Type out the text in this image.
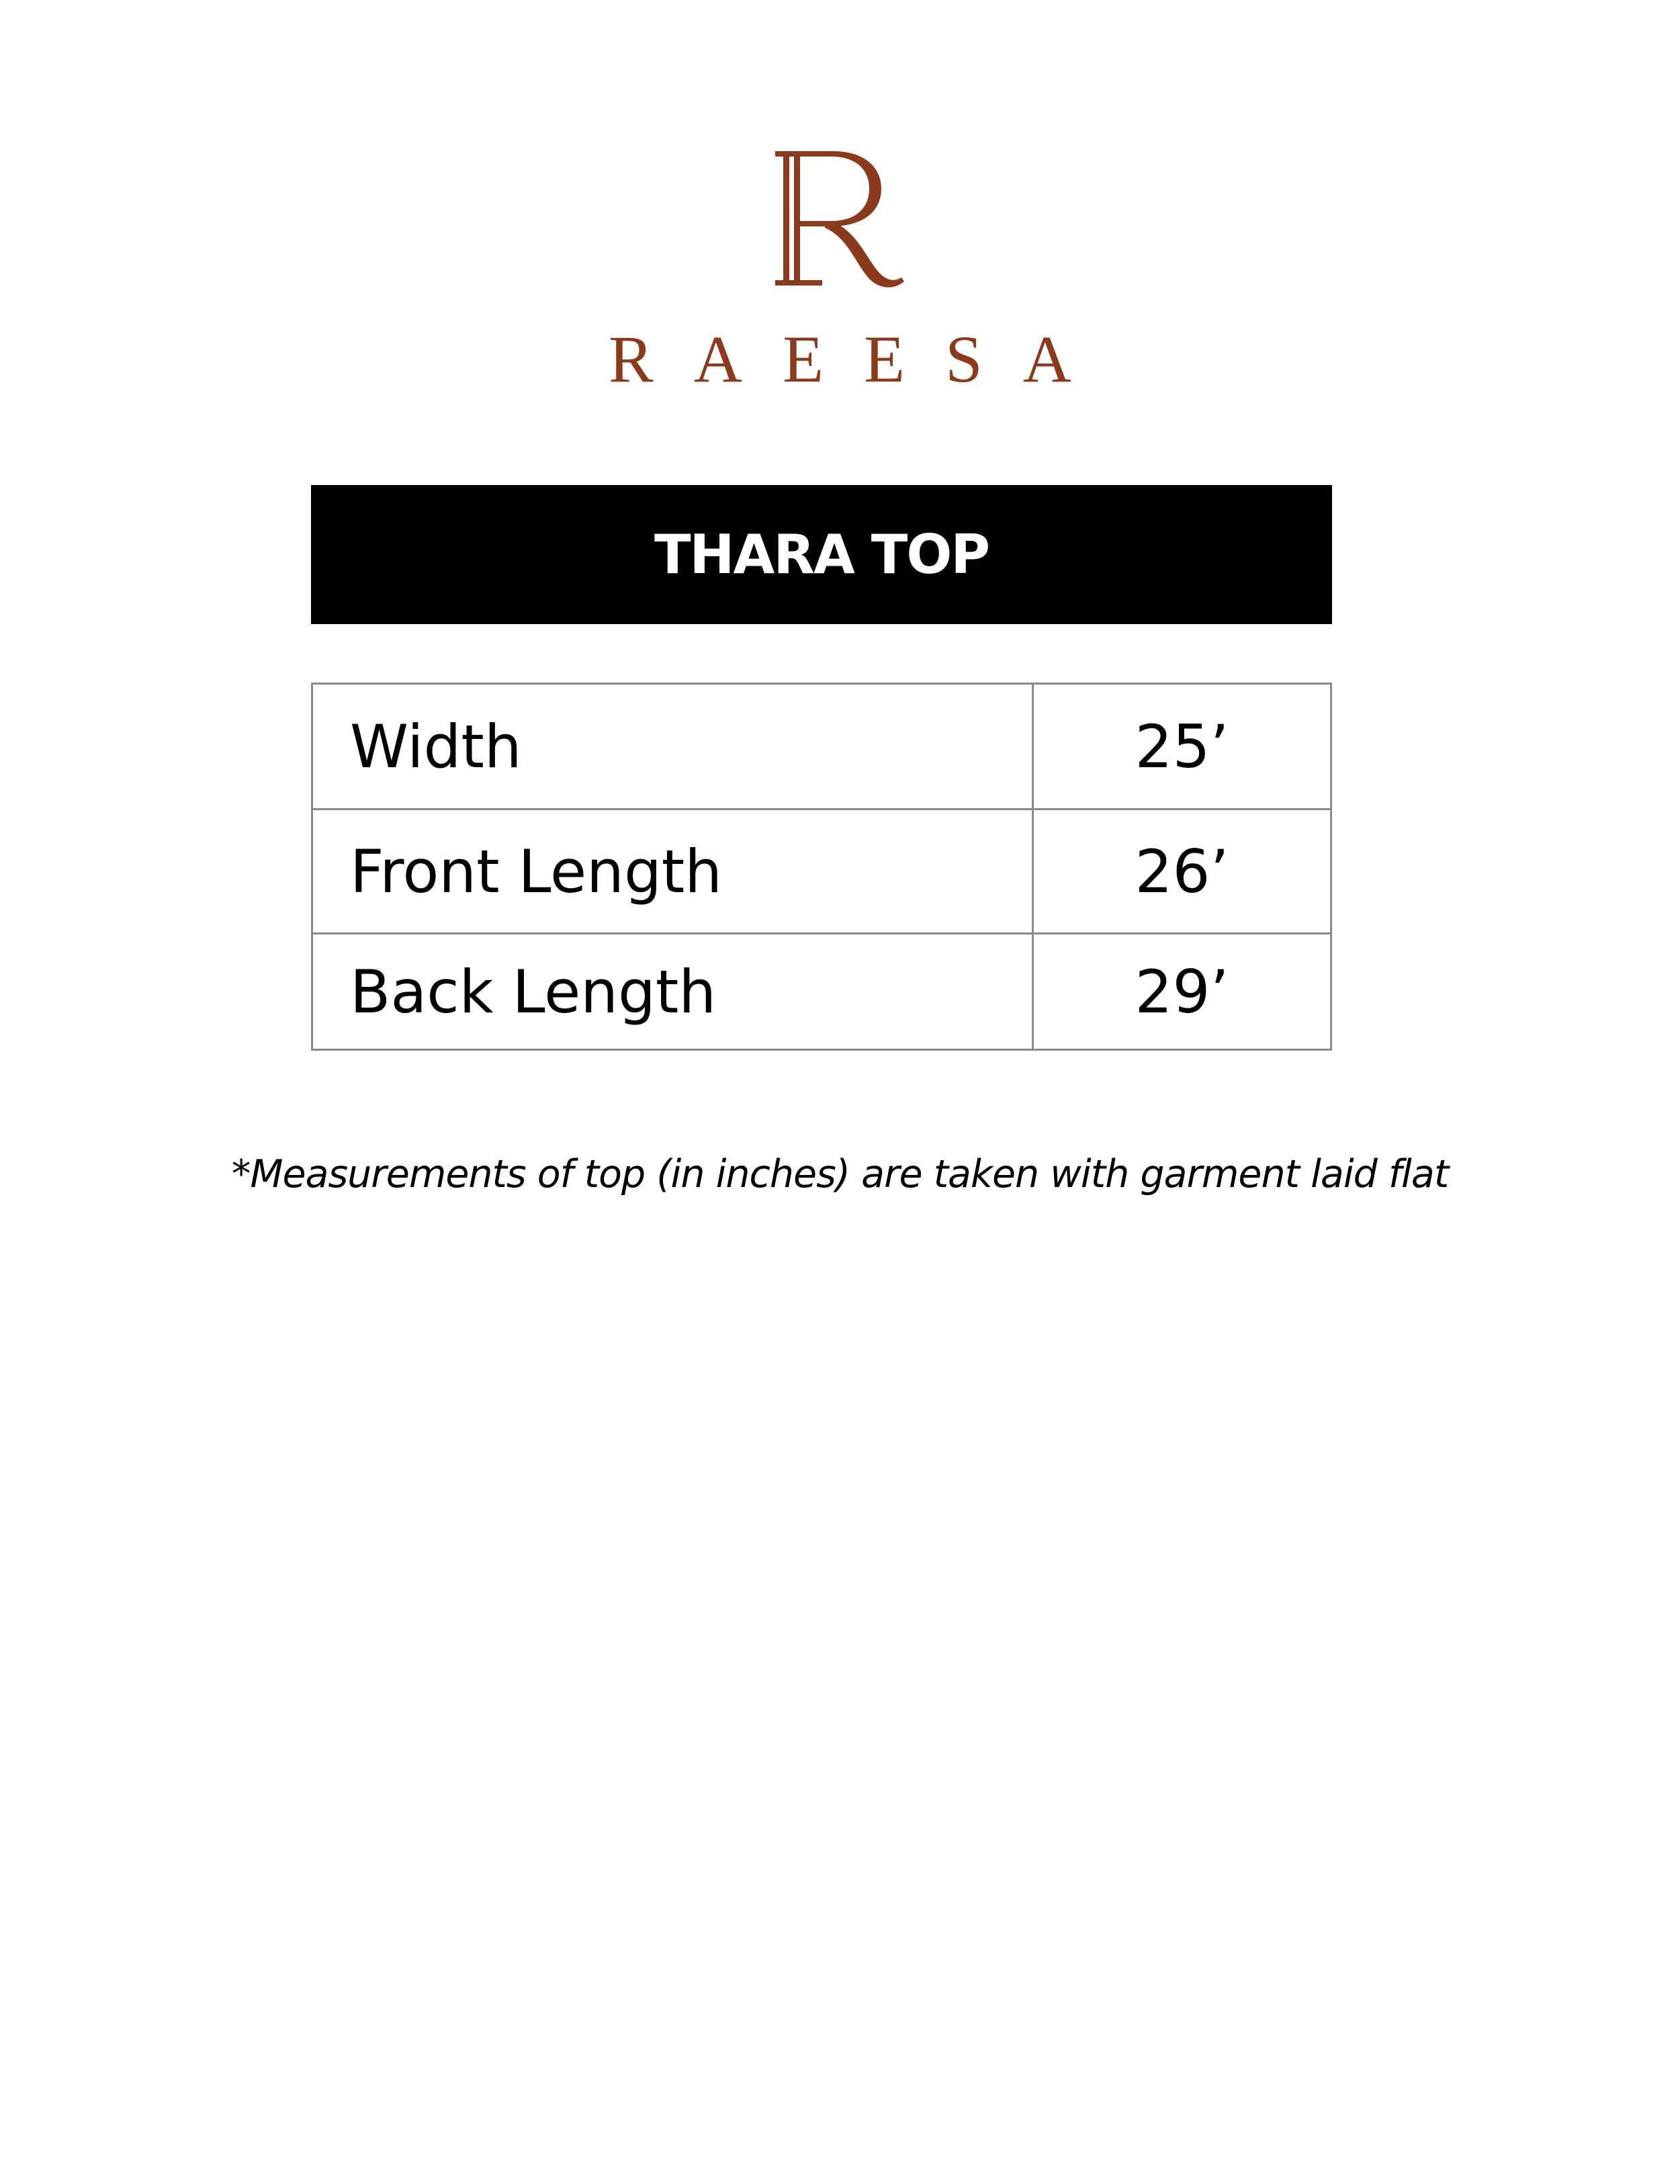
RAEESA
THARA TOP
Width	25’
Front Length	26’
Back Length	29’
*Measurements of top (in inches) are taken with garment laid flat
